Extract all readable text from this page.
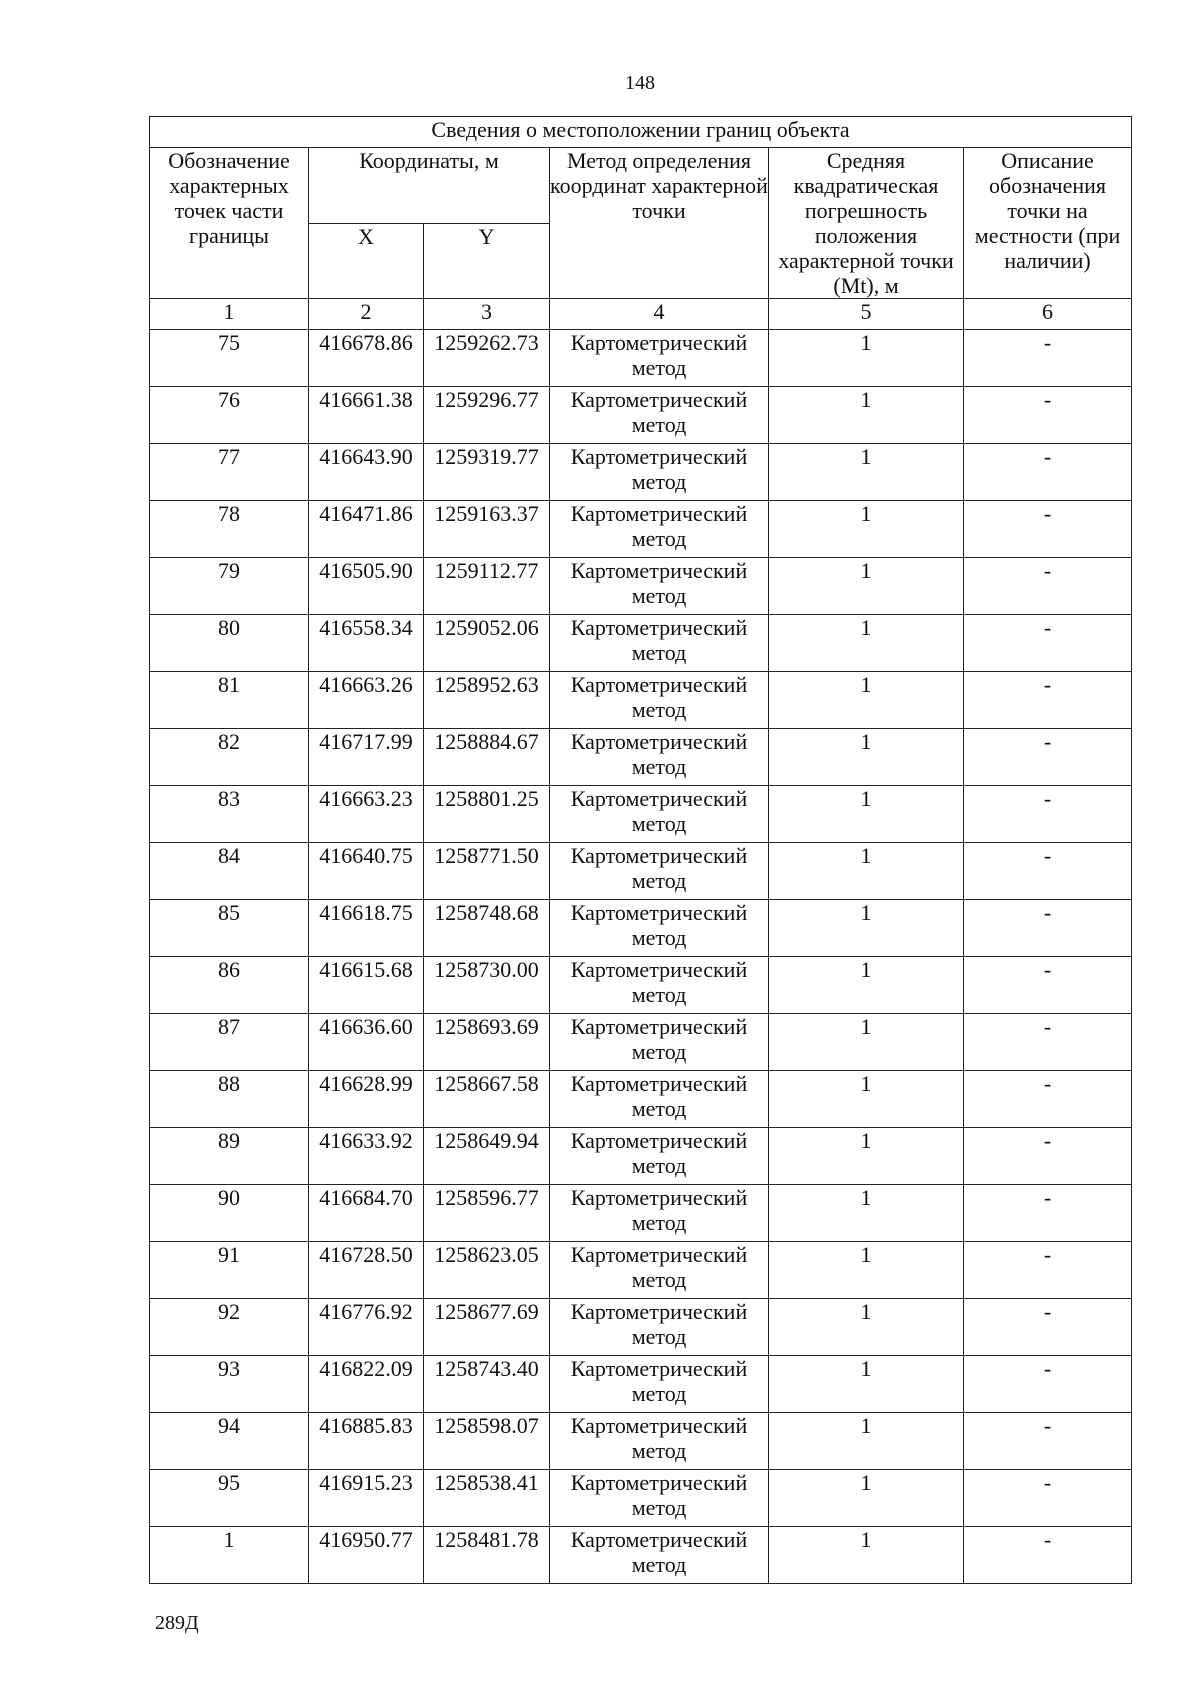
148
Сведения о местоположении границ объекта					
Обозначение характерных точек части границы	Координаты, м		Метод определения координат характерной точки	Средняя квадратическая погрешность положения характерной точки (Mt), м	Описание обозначения точки на местности (при наличии)
	X	Y			
1	2	3	4	5	6
75	416678.86	1259262.73	Картометрический метод	1	-
76	416661.38	1259296.77	Картометрический метод	1	-
77	416643.90	1259319.77	Картометрический метод	1	-
78	416471.86	1259163.37	Картометрический метод	1	-
79	416505.90	1259112.77	Картометрический метод	1	-
80	416558.34	1259052.06	Картометрический метод	1	-
81	416663.26	1258952.63	Картометрический метод	1	-
82	416717.99	1258884.67	Картометрический метод	1	-
83	416663.23	1258801.25	Картометрический метод	1	-
84	416640.75	1258771.50	Картометрический метод	1	-
85	416618.75	1258748.68	Картометрический метод	1	-
86	416615.68	1258730.00	Картометрический метод	1	-
87	416636.60	1258693.69	Картометрический метод	1	-
88	416628.99	1258667.58	Картометрический метод	1	-
89	416633.92	1258649.94	Картометрический метод	1	-
90	416684.70	1258596.77	Картометрический метод	1	-
91	416728.50	1258623.05	Картометрический метод	1	-
92	416776.92	1258677.69	Картометрический метод	1	-
93	416822.09	1258743.40	Картометрический метод	1	-
94	416885.83	1258598.07	Картометрический метод	1	-
95	416915.23	1258538.41	Картометрический метод	1	-
1	416950.77	1258481.78	Картометрический метод	1	-
289Д
